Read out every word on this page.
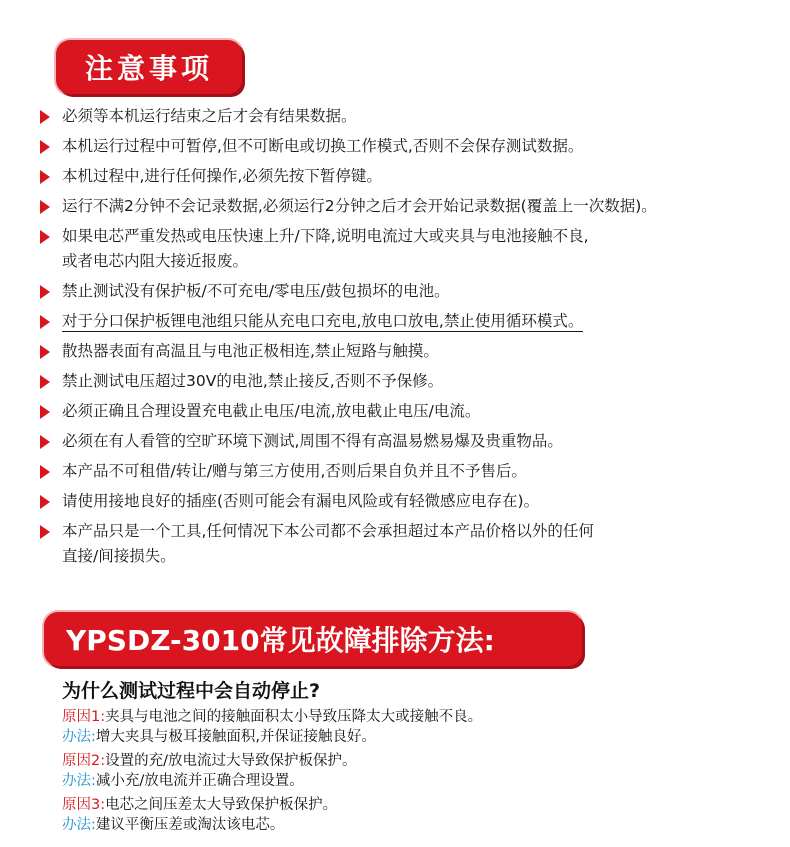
注意事项
必须等本机运行结束之后才会有结果数据。
本机运行过程中可暂停,但不可断电或切换工作模式,否则不会保存测试数据。
本机过程中,进行任何操作,必须先按下暂停键。
运行不满2分钟不会记录数据,必须运行2分钟之后才会开始记录数据(覆盖上一次数据)。
如果电芯严重发热或电压快速上升/下降,说明电流过大或夹具与电池接触不良,
或者电芯内阻大接近报废。
禁止测试没有保护板/不可充电/零电压/鼓包损坏的电池。
对于分口保护板锂电池组只能从充电口充电,放电口放电,禁止使用循环模式。
散热器表面有高温且与电池正极相连,禁止短路与触摸。
禁止测试电压超过30V的电池,禁止接反,否则不予保修。
必须正确且合理设置充电截止电压/电流,放电截止电压/电流。
必须在有人看管的空旷环境下测试,周围不得有高温易燃易爆及贵重物品。
本产品不可租借/转让/赠与第三方使用,否则后果自负并且不予售后。
请使用接地良好的插座(否则可能会有漏电风险或有轻微感应电存在)。
本产品只是一个工具,任何情况下本公司都不会承担超过本产品价格以外的任何
直接/间接损失。
YPSDZ-3010常见故障排除方法:
为什么测试过程中会自动停止?
原因1:夹具与电池之间的接触面积太小导致压降太大或接触不良。
办法:增大夹具与极耳接触面积,并保证接触良好。
原因2:设置的充/放电流过大导致保护板保护。
办法:减小充/放电流并正确合理设置。
原因3:电芯之间压差太大导致保护板保护。
办法:建议平衡压差或淘汰该电芯。
